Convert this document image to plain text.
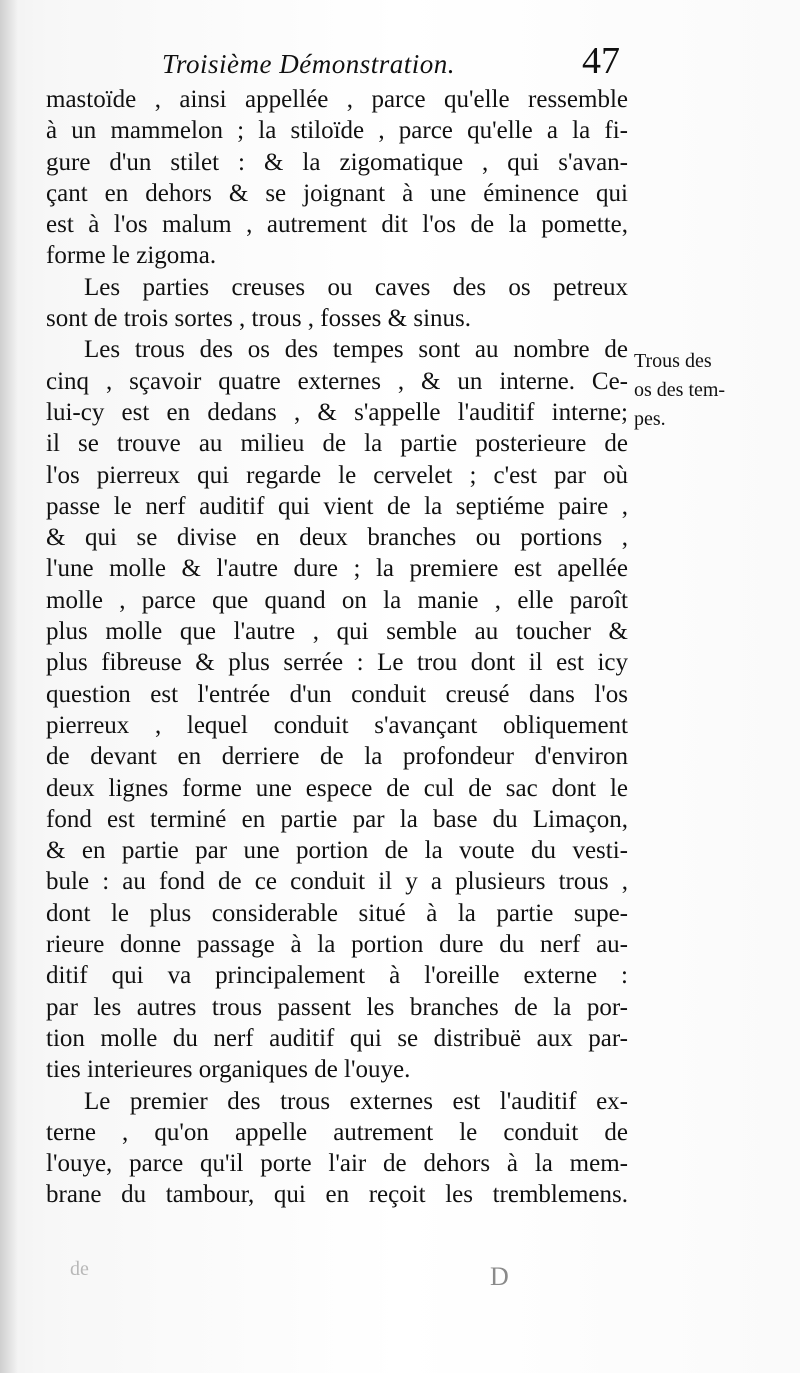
Troisième Démonstration.	47
mastoïde , ainsi appellée , parce qu'elle ressemble
à un mammelon ; la stiloïde , parce qu'elle a la fi-
gure d'un stilet : & la zigomatique , qui s'avan-
çant en dehors & se joignant à une éminence qui
est à l'os malum , autrement dit l'os de la pomette,
forme le zigoma.
Les parties creuses ou caves des os petreux
sont de trois sortes , trous , fosses & sinus.
Les trous des os des tempes sont au nombre de
cinq , sçavoir quatre externes , & un interne. Ce-
lui-cy est en dedans , & s'appelle l'auditif interne;
il se trouve au milieu de la partie posterieure de
l'os pierreux qui regarde le cervelet ; c'est par où
passe le nerf auditif qui vient de la septiéme paire ,
& qui se divise en deux branches ou portions ,
l'une molle & l'autre dure ; la premiere est apellée
molle , parce que quand on la manie , elle paroît
plus molle que l'autre , qui semble au toucher &
plus fibreuse & plus serrée : Le trou dont il est icy
question est l'entrée d'un conduit creusé dans l'os
pierreux , lequel conduit s'avançant obliquement
de devant en derriere de la profondeur d'environ
deux lignes forme une espece de cul de sac dont le
fond est terminé en partie par la base du Limaçon,
& en partie par une portion de la voute du vesti-
bule : au fond de ce conduit il y a plusieurs trous ,
dont le plus considerable situé à la partie supe-
rieure donne passage à la portion dure du nerf au-
ditif qui va principalement à l'oreille externe :
par les autres trous passent les branches de la por-
tion molle du nerf auditif qui se distribuë aux par-
ties interieures organiques de l'ouye.
Le premier des trous externes est l'auditif ex-
terne , qu'on appelle autrement le conduit de
l'ouye, parce qu'il porte l'air de dehors à la mem-
brane du tambour, qui en reçoit les tremblemens.
Trous des
os des tem-
pes.
de	D
